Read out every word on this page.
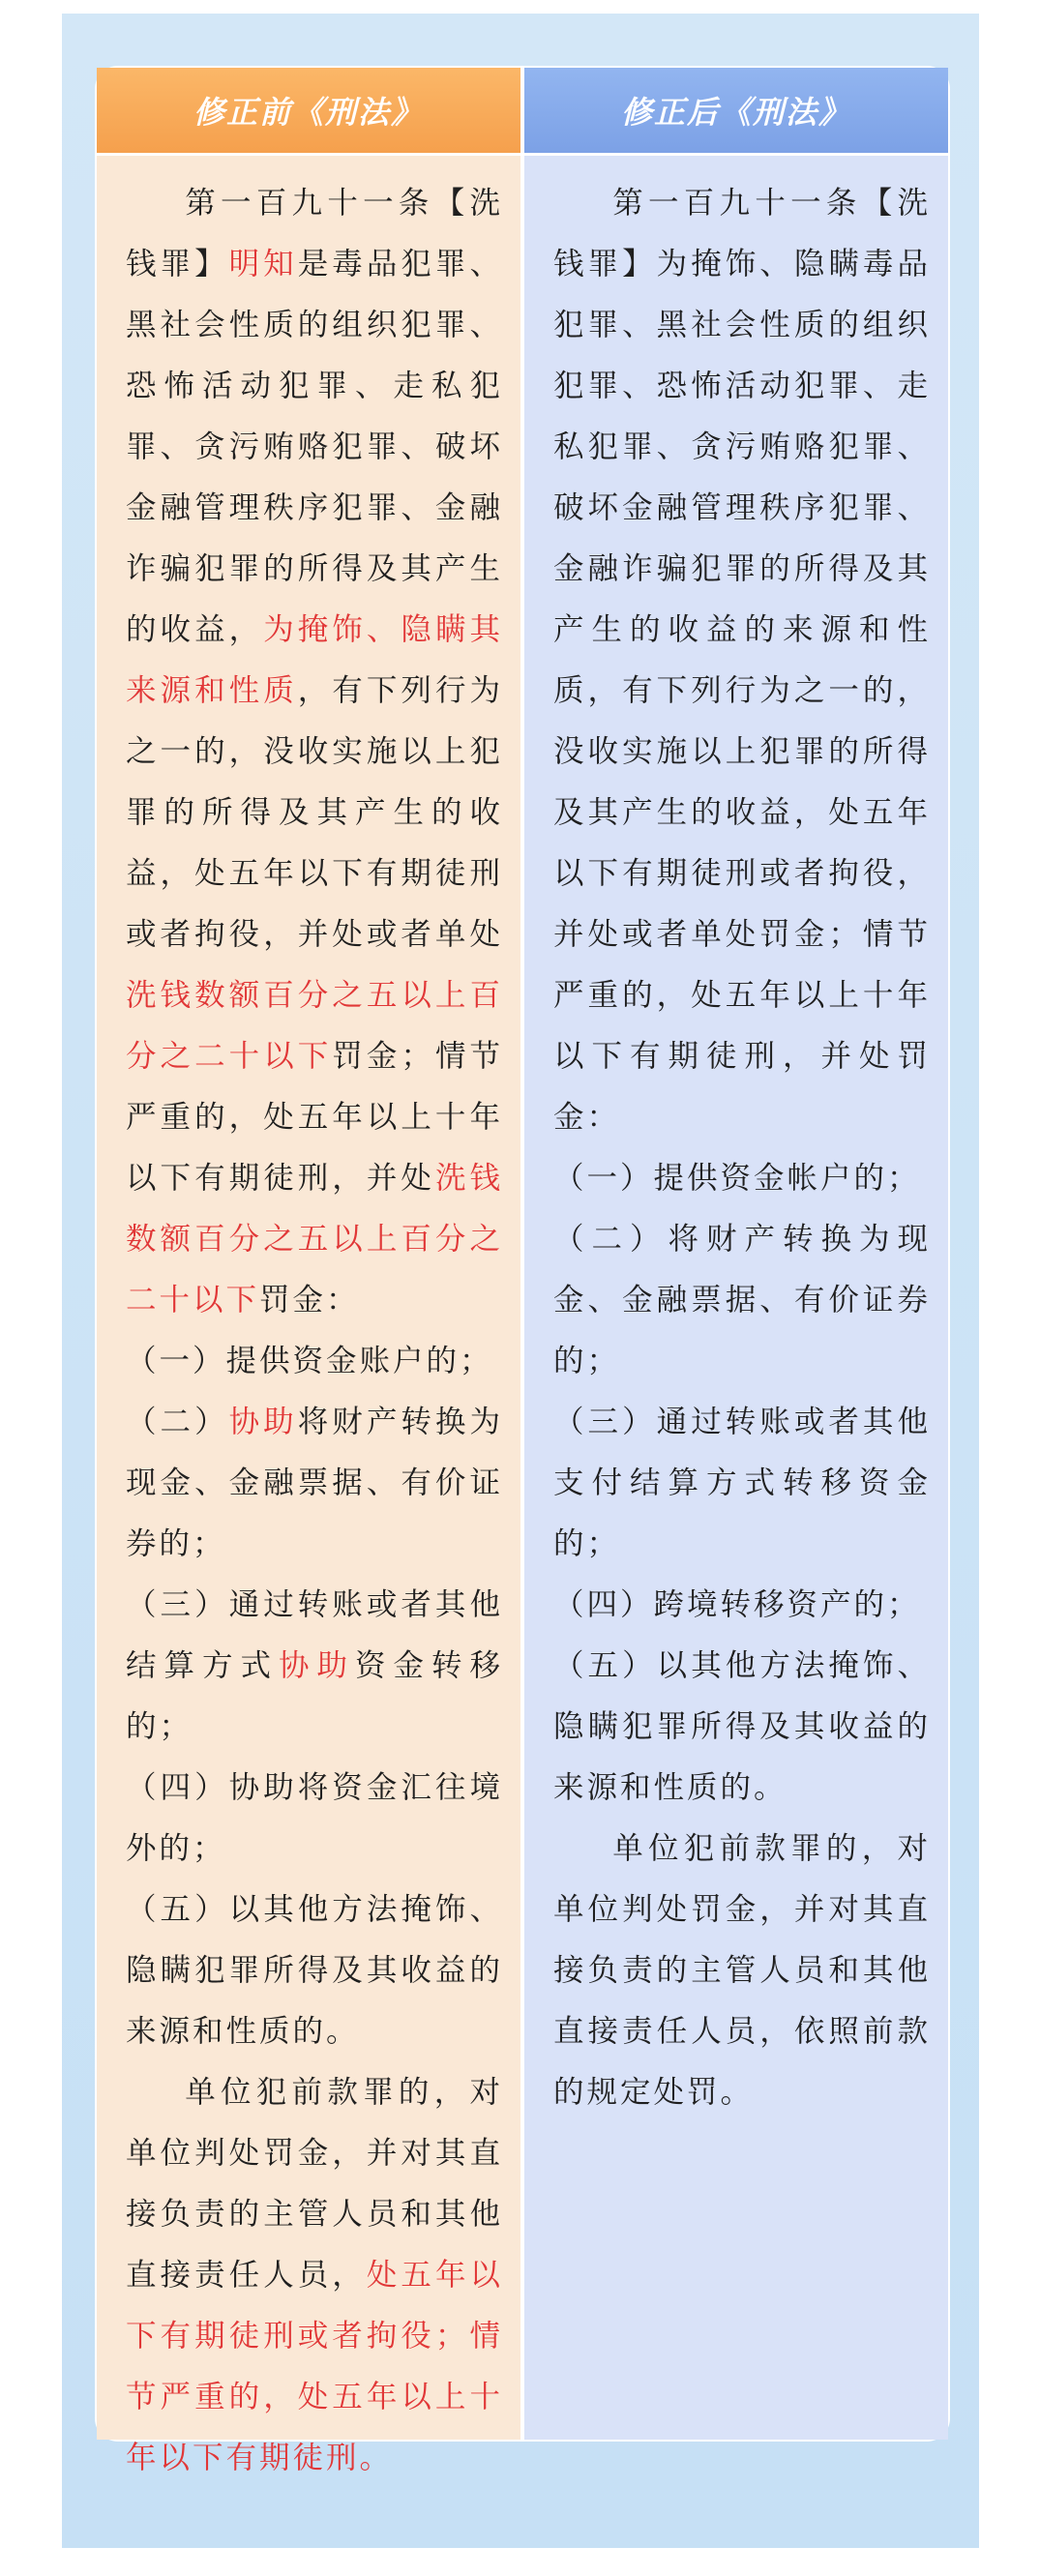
修正前《刑法》
第一百九十一条【洗钱罪】明知是毒品犯罪、黑社会性质的组织犯罪、恐怖活动犯罪、走私犯罪、贪污贿赂犯罪、破坏金融管理秩序犯罪、金融诈骗犯罪的所得及其产生的收益，为掩饰、隐瞒其来源和性质，有下列行为之一的，没收实施以上犯罪的所得及其产生的收益，处五年以下有期徒刑或者拘役，并处或者单处洗钱数额百分之五以上百分之二十以下罚金；情节严重的，处五年以上十年以下有期徒刑，并处洗钱数额百分之五以上百分之二十以下罚金：
（一）提供资金账户的；
（二）协助将财产转换为现金、金融票据、有价证券的；
（三）通过转账或者其他结算方式协助资金转移的；
（四）协助将资金汇往境外的；
（五）以其他方法掩饰、隐瞒犯罪所得及其收益的来源和性质的。
单位犯前款罪的，对单位判处罚金，并对其直接负责的主管人员和其他直接责任人员，处五年以下有期徒刑或者拘役；情节严重的，处五年以上十年以下有期徒刑。
修正后《刑法》
第一百九十一条【洗钱罪】为掩饰、隐瞒毒品犯罪、黑社会性质的组织犯罪、恐怖活动犯罪、走私犯罪、贪污贿赂犯罪、破坏金融管理秩序犯罪、金融诈骗犯罪的所得及其产生的收益的来源和性质，有下列行为之一的，没收实施以上犯罪的所得及其产生的收益，处五年以下有期徒刑或者拘役，并处或者单处罚金；情节严重的，处五年以上十年以下有期徒刑，并处罚金：
（一）提供资金帐户的；
（二）将财产转换为现金、金融票据、有价证券的；
（三）通过转账或者其他支付结算方式转移资金的；
（四）跨境转移资产的；
（五）以其他方法掩饰、隐瞒犯罪所得及其收益的来源和性质的。
单位犯前款罪的，对单位判处罚金，并对其直接负责的主管人员和其他直接责任人员，依照前款的规定处罚。
